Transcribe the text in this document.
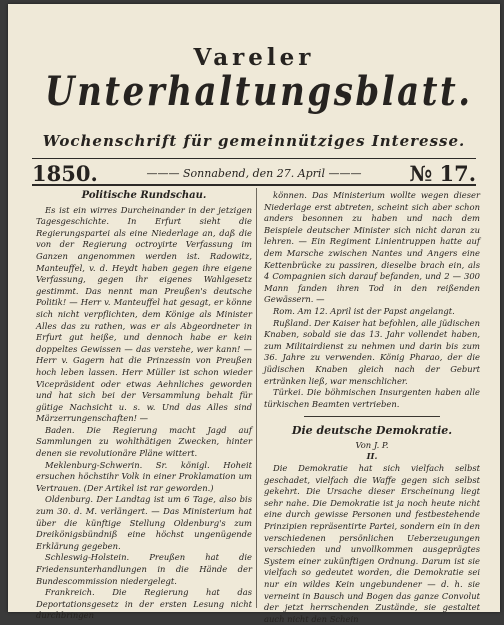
Vareler
Unterhaltungsblatt.
Wochenschrift für gemeinnütziges Interesse.
1850.	——— Sonnabend, den 27. April ———	№ 17.
Politische Rundschau.

Es ist ein wirres Durcheinander in der jetzigen Tagesgeschichte. In Erfurt sieht die Regierungspartei als eine Niederlage an, daß die von der Regierung octroyirte Verfassung im Ganzen angenommen werden ist. Radowitz, Manteuffel, v. d. Heydt haben gegen ihre eigene Verfassung, gegen ihr eigenes Wahlgesetz gestimmt. Das nennt man Preußen's deutsche Politik! — Herr v. Manteuffel hat gesagt, er könne sich nicht verpflichten, dem Könige als Minister Alles das zu rathen, was er als Abgeordneter in Erfurt gut heiße, und dennoch habe er kein doppeltes Gewissen — das verstehe, wer kann! — Herr v. Gagern hat die Prinzessin von Preußen hoch leben lassen. Herr Müller ist schon wieder Vicepräsident oder etwas Aehnliches geworden und hat sich bei der Versammlung behalt für gütige Nachsicht u. s. w. Und das Alles sind Märzerrungenschaften! —

Baden. Die Regierung macht Jagd auf Sammlungen zu wohlthätigen Zwecken, hinter denen sie revolutionäre Pläne wittert.

Meklenburg-Schwerin. Sr. königl. Hoheit ersuchen höchstihr Volk in einer Proklamation um Vertrauen. (Der Artikel ist rar geworden.)

Oldenburg. Der Landtag ist um 6 Tage, also bis zum 30. d. M. verlängert. — Das Ministerium hat über die künftige Stellung Oldenburg's zum Dreikönigsbündniß eine höchst ungenügende Erklärung gegeben.

Schleswig-Holstein. Preußen hat die Friedensunterhandlungen in die Hände der Bundescommission niedergelegt.

Frankreich. Die Regierung hat das Deportationsgesetz in der ersten Lesung nicht durchbringen

können. Das Ministerium wollte wegen dieser Niederlage erst abtreten, scheint sich aber schon anders besonnen zu haben und nach dem Beispiele deutscher Minister sich nicht daran zu lehren. — Ein Regiment Linientruppen hatte auf dem Marsche zwischen Nantes und Angers eine Kettenbrücke zu passiren, dieselbe brach ein, als 4 Compagnien sich darauf befanden, und 2 — 300 Mann fanden ihren Tod in den reißenden Gewässern. —

Rom. Am 12. April ist der Papst angelangt.

Rußland. Der Kaiser hat befohlen, alle jüdischen Knaben, sobald sie das 13. Jahr vollendet haben, zum Militairdienst zu nehmen und darin bis zum 36. Jahre zu verwenden. König Pharao, der die jüdischen Knaben gleich nach der Geburt ertränken ließ, war menschlicher.

Türkei. Die böhmischen Insurgenten haben alle türkischen Beamten vertrieben.

Die deutsche Demokratie.

Von J. P.

II.

Die Demokratie hat sich vielfach selbst geschadet, vielfach die Waffe gegen sich selbst gekehrt. Die Ursache dieser Erscheinung liegt sehr nahe. Die Demokratie ist ja noch heute nicht eine durch gewisse Personen und festbestehende Prinzipien repräsentirte Partei, sondern ein in den verschiedenen persönlichen Ueberzeugungen verschieden und unvollkommen ausgeprägtes System einer zukünftigen Ordnung. Darum ist sie vielfach so gedeutet worden, die Demokratie sei nur ein wildes Kein ungebundener — d. h. sie verneint in Bausch und Bogen das ganze Convolut der jetzt herrschenden Zustände, sie gestaltet auch nicht den Schein
